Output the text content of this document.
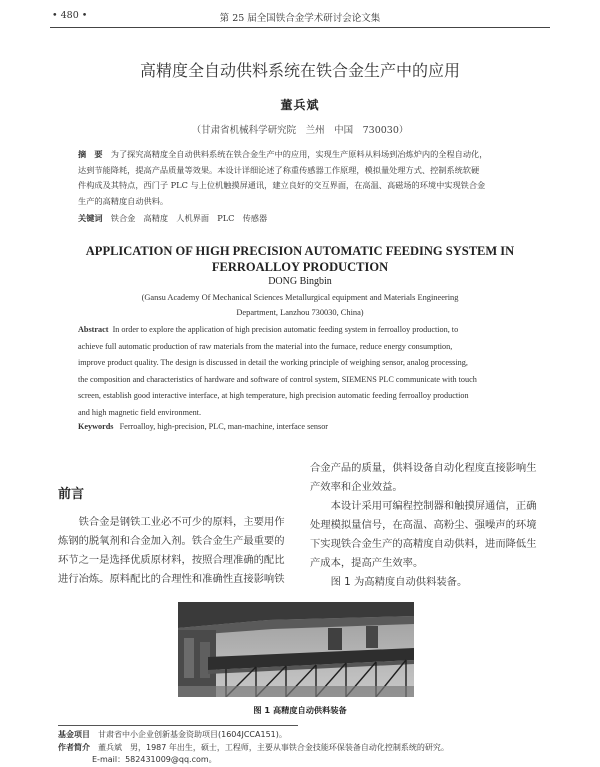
• 480 •	第 25 届全国铁合金学术研讨会论文集
高精度全自动供料系统在铁合金生产中的应用
董兵斌
（甘肃省机械科学研究院　兰州　中国　730030）
摘　要　 为了探究高精度全自动供料系统在铁合金生产中的应用，实现生产原料从料场到冶炼炉内的全程自动化，
达到节能降耗，提高产品质量等效果。本设计详细论述了称重传感器工作原理，模拟量处理方式、控制系统软硬
件构成及其特点，西门子 PLC 与上位机触摸屏通讯，建立良好的交互界面，在高温、高磁场的环境中实现铁合金
生产的高精度自动供料。
关键词　 铁合金　高精度　人机界面　PLC　传感器
APPLICATION OF HIGH PRECISION AUTOMATIC FEEDING SYSTEM IN
FERROALLOY PRODUCTION
DONG Bingbin
(Gansu Academy Of Mechanical Sciences Metallurgical equipment and Materials Engineering
Department, Lanzhou 730030, China)
Abstract In order to explore the application of high precision automatic feeding system in ferroalloy production, to
achieve full automatic production of raw materials from the material into the furnace, reduce energy consumption,
improve product quality. The design is discussed in detail the working principle of weighing sensor, analog processing,
the composition and characteristics of hardware and software of control system, SIEMENS PLC communicate with touch
screen, establish good interactive interface, at high temperature, high precision automatic feeding ferroalloy production
and high magnetic field environment.
Keywords Ferroalloy, high-precision, PLC, man-machine, interface sensor
前言
　　铁合金是钢铁工业必不可少的原料，主要用作
炼钢的脱氧剂和合金加入剂。铁合金生产最重要的
环节之一是选择优质原材料，按照合理准确的配比
进行冶炼。原料配比的合理性和准确性直接影响铁
合金产品的质量，供料设备自动化程度直接影响生
产效率和企业效益。
　　本设计采用可编程控制器和触摸屏通信，正确
处理模拟量信号，在高温、高粉尘、强噪声的环境
下实现铁合金生产的高精度自动供料，进而降低生
产成本，提高产生效率。
　　图 1 为高精度自动供料装备。
图 1 高精度自动供料装备
基金项目　 甘肃省中小企业创新基金资助项目(1604JCCA151)。
作者简介　 董兵斌　男，1987 年出生，硕士，工程师，主要从事铁合金技能环保装备自动化控制系统的研究。
E-mail：582431009@qq.com。
